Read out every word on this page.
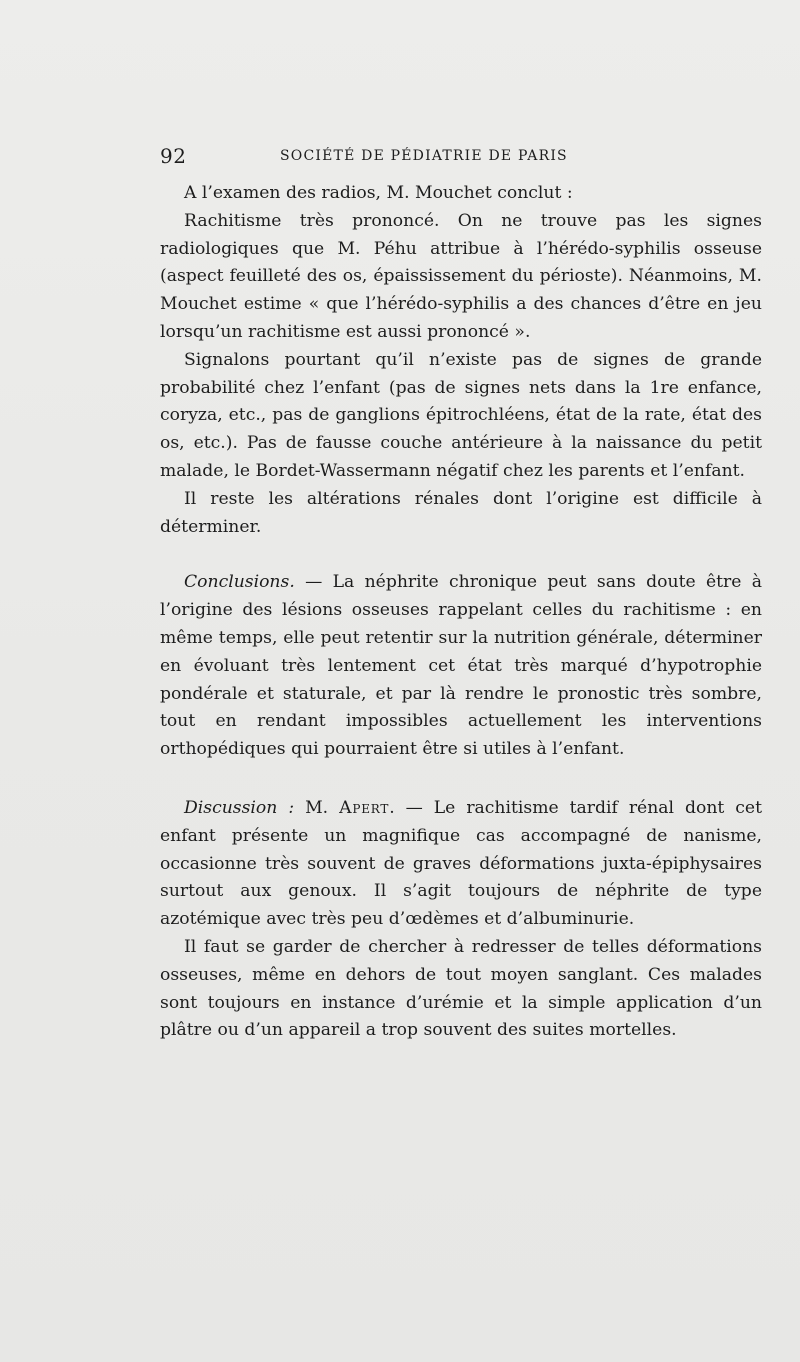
92	SOCIÉTÉ DE PÉDIATRIE DE PARIS

A l’examen des radios, M. Mouchet conclut :

Rachitisme très prononcé. On ne trouve pas les signes radiologiques que M. Péhu attribue à l’hérédo-syphilis osseuse (aspect feuilleté des os, épaississement du périoste). Néanmoins, M. Mouchet estime « que l’hérédo-syphilis a des chances d’être en jeu lorsqu’un rachitisme est aussi prononcé ».

Signalons pourtant qu’il n’existe pas de signes de grande probabilité chez l’enfant (pas de signes nets dans la 1re enfance, coryza, etc., pas de ganglions épitrochléens, état de la rate, état des os, etc.). Pas de fausse couche antérieure à la naissance du petit malade, le Bordet-Wassermann négatif chez les parents et l’enfant.

Il reste les altérations rénales dont l’origine est difficile à déterminer.

Conclusions. — La néphrite chronique peut sans doute être à l’origine des lésions osseuses rappelant celles du rachitisme : en même temps, elle peut retentir sur la nutrition générale, déterminer en évoluant très lentement cet état très marqué d’hypotrophie pondérale et staturale, et par là rendre le pronostic très sombre, tout en rendant impossibles actuellement les interventions orthopédiques qui pourraient être si utiles à l’enfant.

Discussion : M. Apert. — Le rachitisme tardif rénal dont cet enfant présente un magnifique cas accompagné de nanisme, occasionne très souvent de graves déformations juxta-épiphysaires surtout aux genoux. Il s’agit toujours de néphrite de type azotémique avec très peu d’œdèmes et d’albuminurie.

Il faut se garder de chercher à redresser de telles déformations osseuses, même en dehors de tout moyen sanglant. Ces malades sont toujours en instance d’urémie et la simple application d’un plâtre ou d’un appareil a trop souvent des suites mortelles.
